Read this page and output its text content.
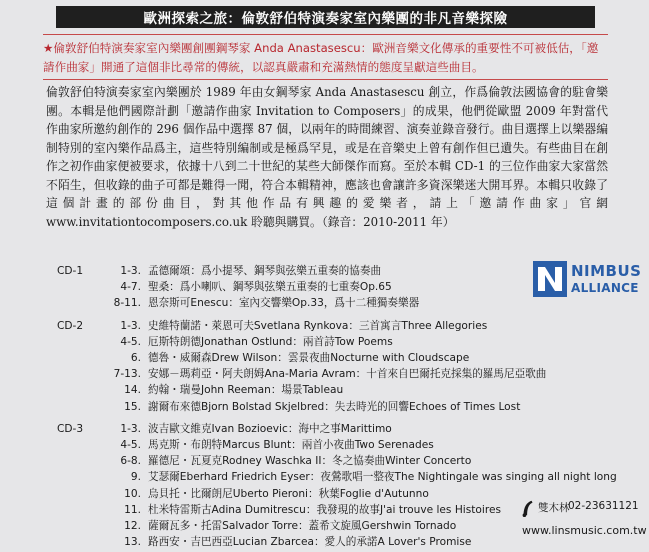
歐洲探索之旅：倫敦舒伯特演奏家室內樂團的非凡音樂探險
★倫敦舒伯特演奏家室內樂團創團鋼琴家 Anda Anastasescu：歐洲音樂文化傳承的重要性不可被低估，「邀請作曲家」開通了這個非比尋常的傳統，以認真嚴肅和充滿熱情的態度呈獻這些曲目。
倫敦舒伯特演奏家室內樂團於 1989 年由女鋼琴家 Anda Anastasescu 創立，作爲倫敦法國協會的駐會樂團。本輯是他們國際計劃「邀請作曲家 Invitation to Composers」的成果，他們從歐盟 2009 年對當代作曲家所邀約創作的 296 個作品中選擇 87 個，以兩年的時間練習、演奏並錄音發行。曲目選擇上以樂器編制特別的室內樂作品爲主，這些特別編制或是極爲罕見，或是在音樂史上曾有創作但已遺失。有些曲目在創作之初作曲家便被要求，依據十八到二十世紀的某些大師傑作而寫。至於本輯 CD-1 的三位作曲家大家當然不陌生，但收錄的曲子可都是難得一聞，符合本輯精神，應該也會讓許多資深樂迷大開耳界。本輯只收錄了這個計畫的部份曲目，對其他作品有興趣的愛樂者，請上「邀請作曲家」官網 www.invitationtocomposers.co.uk 聆聽與購買。（錄音：2010-2011 年）
NIMBUS
ALLIANCE
CD-1	1-3. 孟德爾頌：爲小提琴、鋼琴與弦樂五重奏的協奏曲
4-7. 聖桑：爲小喇叭、鋼琴與弦樂五重奏的七重奏Op.65
8-11. 恩奈斯可Enescu：室內交響樂Op.33，爲十二種獨奏樂器
CD-2	1-3. 史維特蘭諾・萊恩可夫Svetlana Rynkova：三首寓言Three Allegories
4-5. 厄斯特朗德Jonathan Ostlund：兩首詩Tow Poems
6. 德魯・威爾森Drew Wilson：雲景夜曲Nocturne with Cloudscape
7-13. 安娜－瑪莉亞・阿夫朗姆Ana-Maria Avram：十首來自巴爾托克採集的羅馬尼亞歌曲
14. 約翰・瑞曼John Reeman：場景Tableau
15. 謝爾布來德Bjorn Bolstad Skjelbred：失去時光的回響Echoes of Times Lost
CD-3	1-3. 波吉歐文維克Ivan Bozioevic：海中之事Marittimo
4-5. 馬克斯・布朗特Marcus Blunt：兩首小夜曲Two Serenades
6-8. 羅德尼・瓦夏克Rodney Waschka II：冬之協奏曲Winter Concerto
9. 艾瑟爾Eberhard Friedrich Eyser：夜鶯歌唱一整夜The Nightingale was singing all night long
10. 烏貝托・比爾朗尼Uberto Pieroni：秋葉Foglie d'Autunno
11. 杜米特雷斯古Adina Dumitrescu：我發現的故事J'ai trouve les Histoires
12. 薩爾瓦多・托雷Salvador Torre：蓋希文旋風Gershwin Tornado
13. 路西安・吉巴西亞Lucian Zbarcea：愛人的承諾A Lover's Promise
雙木林
02-23631121
www.linsmusic.com.tw
